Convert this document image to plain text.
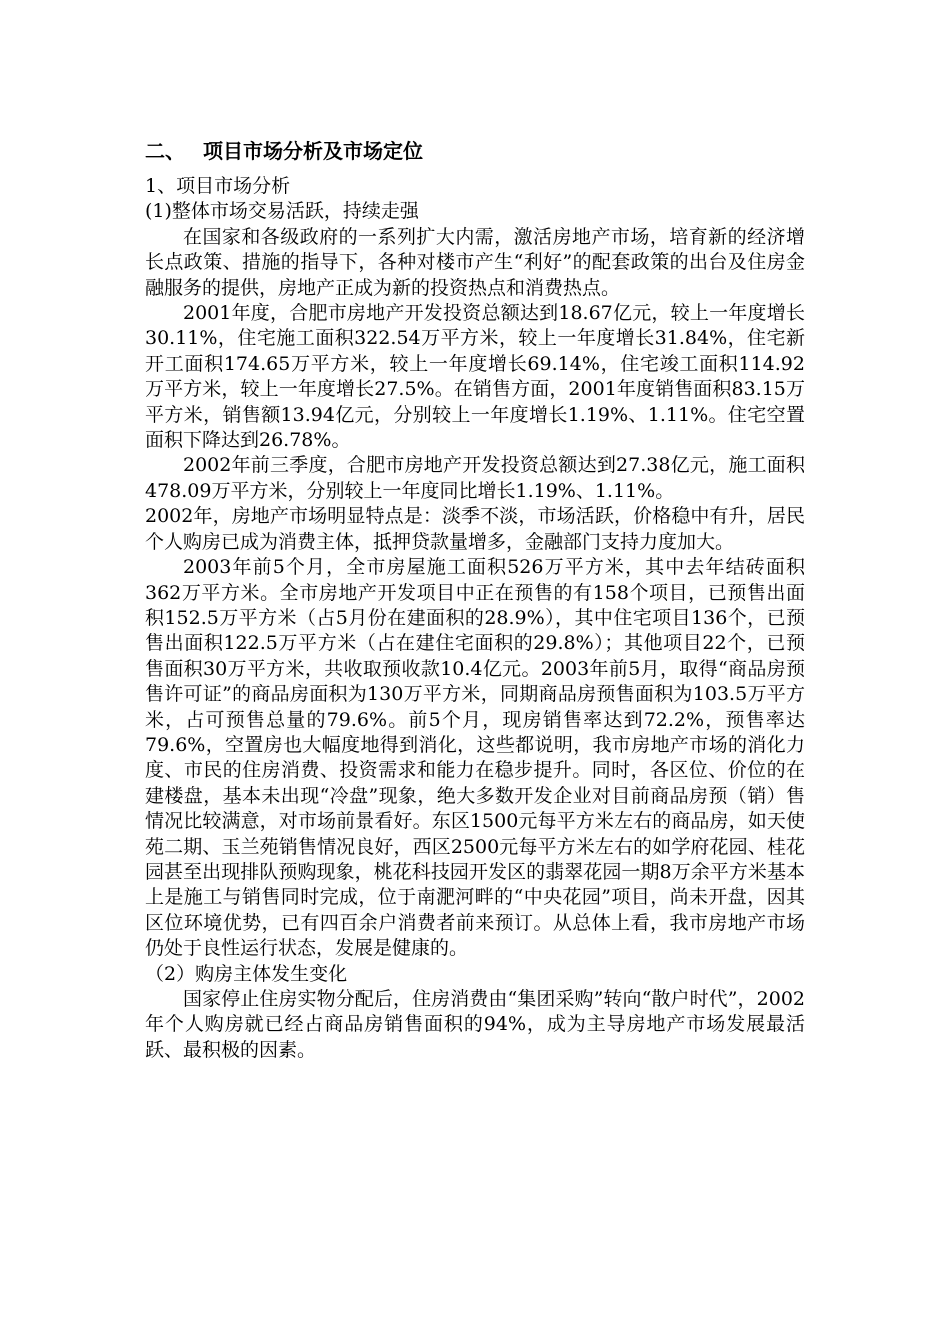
二、 项目市场分析及市场定位

1、项目市场分析

(1)整体市场交易活跃，持续走强

在国家和各级政府的一系列扩大内需，激活房地产市场，培育新的经济增长点政策、措施的指导下，各种对楼市产生“利好”的配套政策的出台及住房金融服务的提供，房地产正成为新的投资热点和消费热点。

2001年度，合肥市房地产开发投资总额达到18.67亿元，较上一年度增长30.11%，住宅施工面积322.54万平方米，较上一年度增长31.84%，住宅新开工面积174.65万平方米，较上一年度增长69.14%，住宅竣工面积114.92万平方米，较上一年度增长27.5%。在销售方面，2001年度销售面积83.15万平方米，销售额13.94亿元，分别较上一年度增长1.19%、1.11%。住宅空置面积下降达到26.78%。

2002年前三季度，合肥市房地产开发投资总额达到27.38亿元，施工面积478.09万平方米，分别较上一年度同比增长1.19%、1.11%。

2002年，房地产市场明显特点是：淡季不淡，市场活跃，价格稳中有升，居民个人购房已成为消费主体，抵押贷款量增多，金融部门支持力度加大。

2003年前5个月，全市房屋施工面积526万平方米，其中去年结砖面积362万平方米。全市房地产开发项目中正在预售的有158个项目，已预售出面积152.5万平方米（占5月份在建面积的28.9%），其中住宅项目136个，已预售出面积122.5万平方米（占在建住宅面积的29.8%）；其他项目22个，已预售面积30万平方米，共收取预收款10.4亿元。2003年前5月，取得“商品房预售许可证”的商品房面积为130万平方米，同期商品房预售面积为103.5万平方米，占可预售总量的79.6%。前5个月，现房销售率达到72.2%，预售率达79.6%，空置房也大幅度地得到消化，这些都说明，我市房地产市场的消化力度、市民的住房消费、投资需求和能力在稳步提升。同时，各区位、价位的在建楼盘，基本未出现“冷盘”现象，绝大多数开发企业对目前商品房预（销）售情况比较满意，对市场前景看好。东区1500元每平方米左右的商品房，如天使苑二期、玉兰苑销售情况良好，西区2500元每平方米左右的如学府花园、桂花园甚至出现排队预购现象，桃花科技园开发区的翡翠花园一期8万余平方米基本上是施工与销售同时完成，位于南淝河畔的“中央花园”项目，尚未开盘，因其区位环境优势，已有四百余户消费者前来预订。从总体上看，我市房地产市场仍处于良性运行状态，发展是健康的。

（2）购房主体发生变化

国家停止住房实物分配后，住房消费由“集团采购”转向“散户时代”，2002年个人购房就已经占商品房销售面积的94%，成为主导房地产市场发展最活跃、最积极的因素。
